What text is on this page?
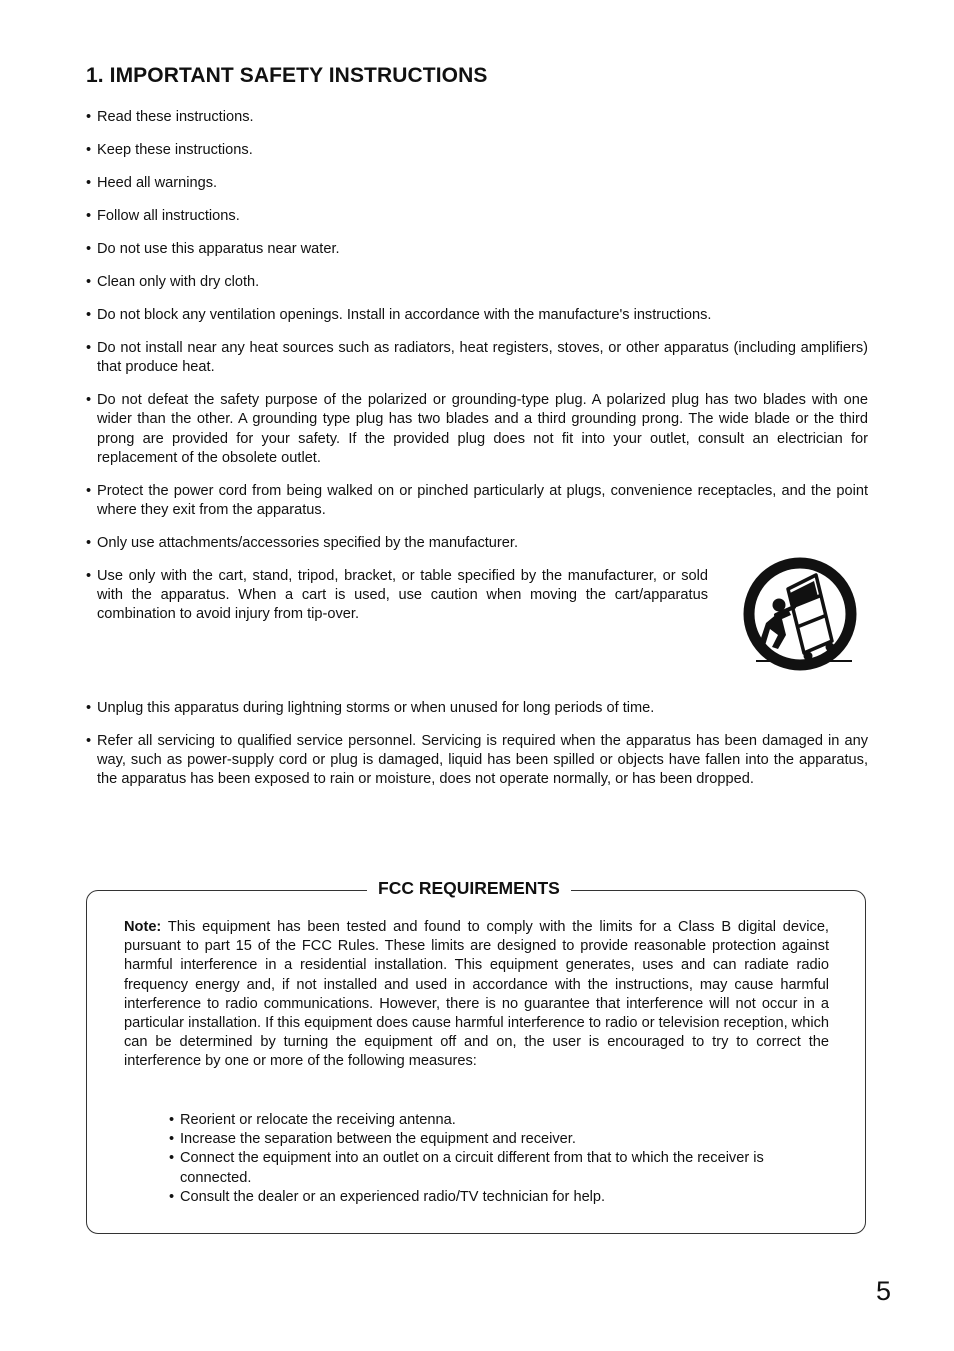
1. IMPORTANT SAFETY INSTRUCTIONS
• Read these instructions.
• Keep these instructions.
• Heed all warnings.
• Follow all instructions.
• Do not use this apparatus near water.
• Clean only with dry cloth.
• Do not block any ventilation openings. Install in accordance with the manufacture's instructions.
• Do not install near any heat sources such as radiators, heat registers, stoves, or other apparatus (including amplifiers) that produce heat.
• Do not defeat the safety purpose of the polarized or grounding-type plug. A polarized plug has two blades with one wider than the other. A grounding type plug has two blades and a third grounding prong. The wide blade or the third prong are provided for your safety. If the provided plug does not fit into your outlet, consult an electrician for replacement of the obsolete outlet.
• Protect the power cord from being walked on or pinched particularly at plugs, convenience receptacles, and the point where they exit from the apparatus.
• Only use attachments/accessories specified by the manufacturer.
• Use only with the cart, stand, tripod, bracket, or table specified by the manufacturer, or sold with the apparatus. When a cart is used, use caution when moving the cart/apparatus combination to avoid injury from tip-over.
• Unplug this apparatus during lightning storms or when unused for long periods of time.
• Refer all servicing to qualified service personnel. Servicing is required when the apparatus has been damaged in any way, such as power-supply cord or plug is damaged, liquid has been spilled or objects have fallen into the apparatus, the apparatus has been exposed to rain or moisture, does not operate normally, or has been dropped.
FCC REQUIREMENTS
Note: This equipment has been tested and found to comply with the limits for a Class B digital device, pursuant to part 15 of the FCC Rules. These limits are designed to provide reasonable protection against harmful interference in a residential installation. This equipment generates, uses and can radiate radio frequency energy and, if not installed and used in accordance with the instructions, may cause harmful interference to radio communications. However, there is no guarantee that interference will not occur in a particular installation. If this equipment does cause harmful interference to radio or television reception, which can be determined by turning the equipment off and on, the user is encouraged to try to correct the interference by one or more of the following measures:
• Reorient or relocate the receiving antenna.
• Increase the separation between the equipment and receiver.
• Connect the equipment into an outlet on a circuit different from that to which the receiver is connected.
• Consult the dealer or an experienced radio/TV technician for help.
5
